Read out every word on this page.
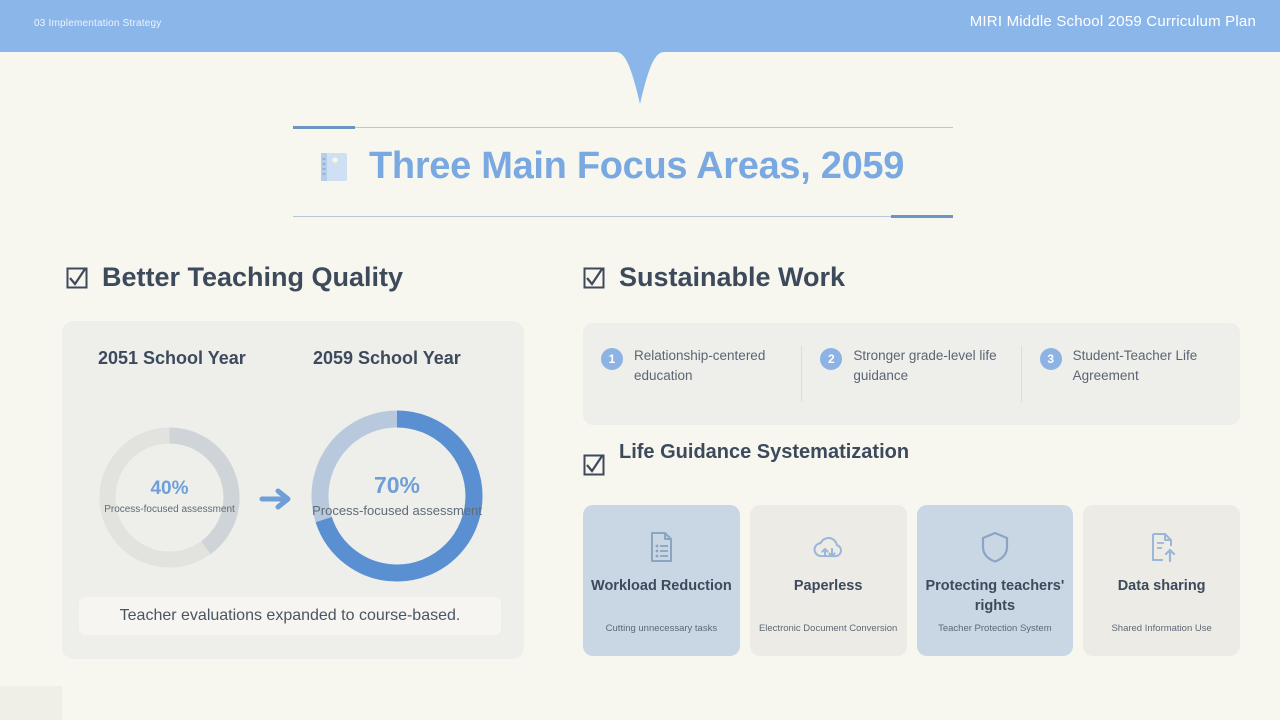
03 Implementation Strategy	MIRI Middle School 2059 Curriculum Plan
Three Main Focus Areas, 2059
Better Teaching Quality	Sustainable Work
2051 School Year	2059 School Year
40%
Process-focused assessment
70%
Process-focused assessment
Teacher evaluations expanded to course-based.
1	Relationship-centered education
2	Stronger grade-level life guidance
3	Student-Teacher Life Agreement
Life Guidance Systematization
Workload Reduction
Cutting unnecessary tasks
Paperless
Electronic Document Conversion
Protecting teachers' rights
Teacher Protection System
Data sharing
Shared Information Use
